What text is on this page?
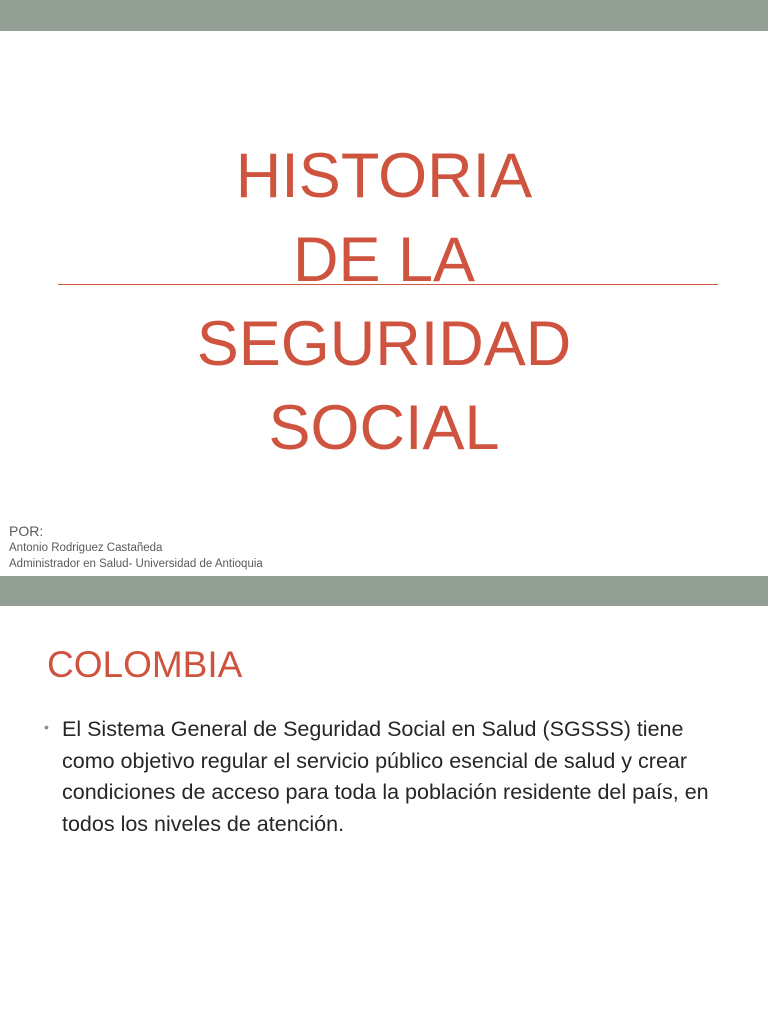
HISTORIA
DE LA
SEGURIDAD
SOCIAL
POR:
Antonio Rodriguez Castañeda
Administrador en Salud- Universidad de Antioquia
COLOMBIA
• El Sistema General de Seguridad Social en Salud (SGSSS) tiene como objetivo regular el servicio público esencial de salud y crear condiciones de acceso para toda la población residente del país, en todos los niveles de atención.
